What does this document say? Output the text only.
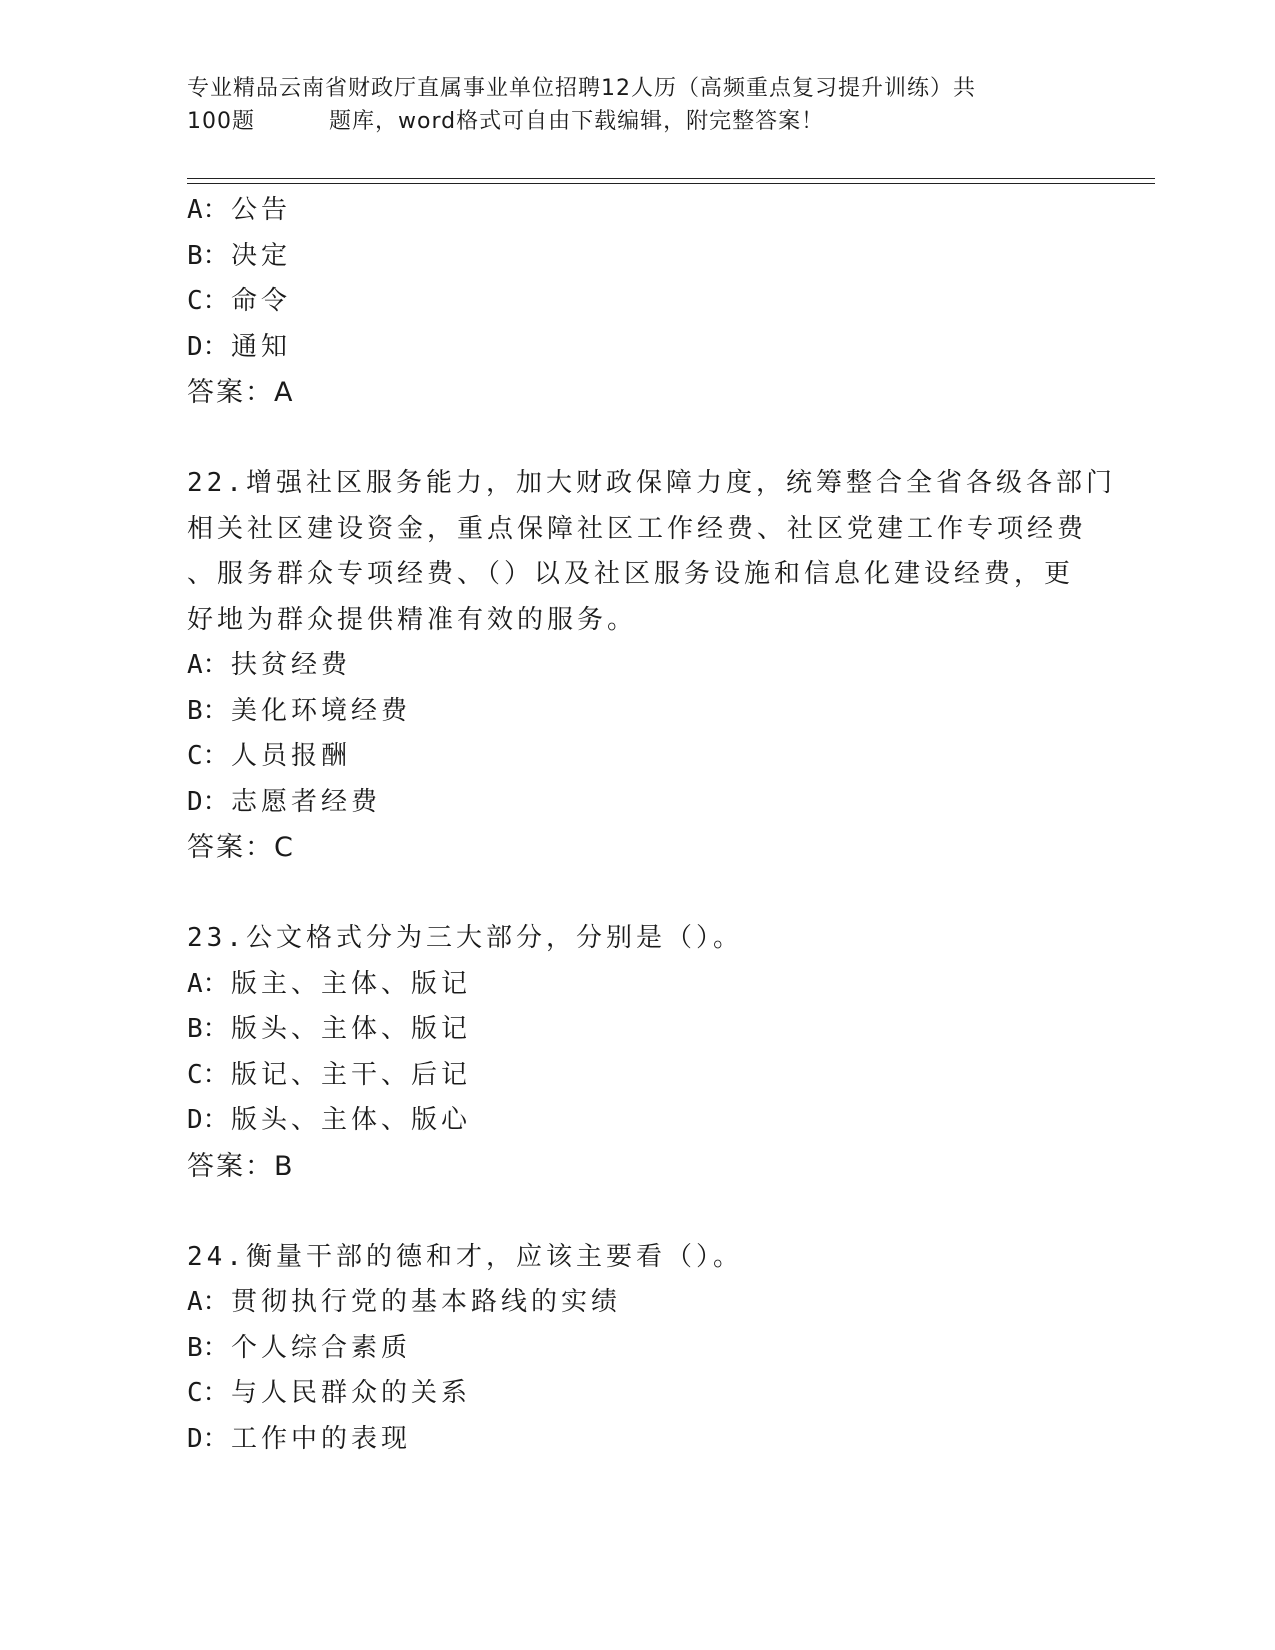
专业精品云南省财政厅直属事业单位招聘12人历（高频重点复习提升训练）共
100题	题库，word格式可自由下载编辑，附完整答案！
A：公告
B：决定
C：命令
D：通知
答案：A
22.增强社区服务能力，加大财政保障力度，统筹整合全省各级各部门
相关社区建设资金，重点保障社区工作经费、社区党建工作专项经费
、服务群众专项经费、（）以及社区服务设施和信息化建设经费，更
好地为群众提供精准有效的服务。
A：扶贫经费
B：美化环境经费
C：人员报酬
D：志愿者经费
答案：C
23.公文格式分为三大部分，分别是（）。
A：版主、主体、版记
B：版头、主体、版记
C：版记、主干、后记
D：版头、主体、版心
答案：B
24.衡量干部的德和才，应该主要看（）。
A：贯彻执行党的基本路线的实绩
B：个人综合素质
C：与人民群众的关系
D：工作中的表现
